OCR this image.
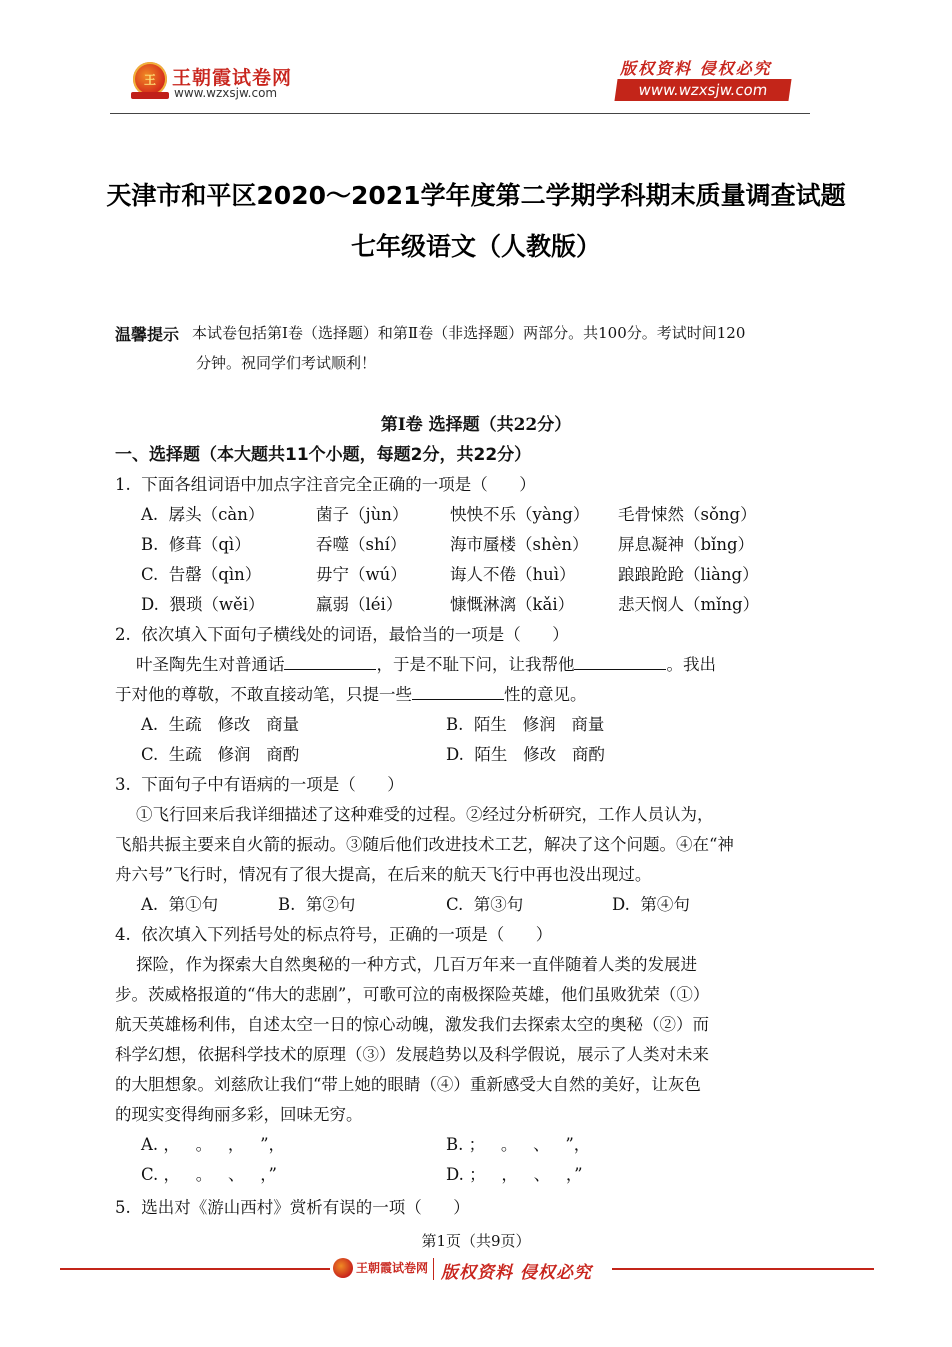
王 王朝霞试卷网
www.wzxsjw.com
版权资料 侵权必究
www.wzxsjw.com
天津市和平区2020～2021学年度第二学期学科期末质量调查试题
七年级语文（人教版）
温馨提示 本试卷包括第Ⅰ卷（选择题）和第Ⅱ卷（非选择题）两部分。共100分。考试时间120
分钟。祝同学们考试顺利！
第Ⅰ卷 选择题（共22分）
一、选择题（本大题共11个小题，每题2分，共22分）
1.  下面各组词语中加点字注音完全正确的一项是（      ）
A.  孱头（càn）	菌子（jùn）	怏怏不乐（yàng） 毛骨悚然（sǒng）
B.  修葺（qì）	吞噬（shí）	海市蜃楼（shèn） 屏息凝神（bǐng）
C.  告罄（qìn）	毋宁（wú）	诲人不倦（huì）	踉踉跄跄（liàng）
D.  猥琐（wěi）	羸弱（léi）	慷慨淋漓（kǎi）	悲天悯人（mǐng）
2.  依次填入下面句子横线处的词语，最恰当的一项是（      ）
叶圣陶先生对普通话	，于是不耻下问，让我帮他	。我出
于对他的尊敬，不敢直接动笔，只提一些	性的意见。
A.  生疏   修改   商量	B.  陌生   修润   商量
C.  生疏   修润   商酌	D.  陌生   修改   商酌
3.  下面句子中有语病的一项是（      ）
①飞行回来后我详细描述了这种难受的过程。②经过分析研究，工作人员认为，
飞船共振主要来自火箭的振动。③随后他们改进技术工艺，解决了这个问题。④在“神
舟六号”飞行时，情况有了很大提高，在后来的航天飞行中再也没出现过。
A.  第①句	B.  第②句	C.  第③句	D.  第④句
4.  依次填入下列括号处的标点符号，正确的一项是（      ）
探险，作为探索大自然奥秘的一种方式，几百万年来一直伴随着人类的发展进
步。茨威格报道的“伟大的悲剧”，可歌可泣的南极探险英雄，他们虽败犹荣（①）
航天英雄杨利伟，自述太空一日的惊心动魄，激发我们去探索太空的奥秘（②）而
科学幻想，依据科学技术的原理（③）发展趋势以及科学假说，展示了人类对未来
的大胆想象。刘慈欣让我们“带上她的眼睛（④）重新感受大自然的美好，让灰色
的现实变得绚丽多彩，回味无穷。
A. ，   。   ，   ”，	B. ；   。   、   ”，
C. ，   。   、   ，”	D. ；   ，   、   ，”
5.  选出对《游山西村》赏析有误的一项（      ）
第1页（共9页）
王朝霞试卷网 版权资料 侵权必究
